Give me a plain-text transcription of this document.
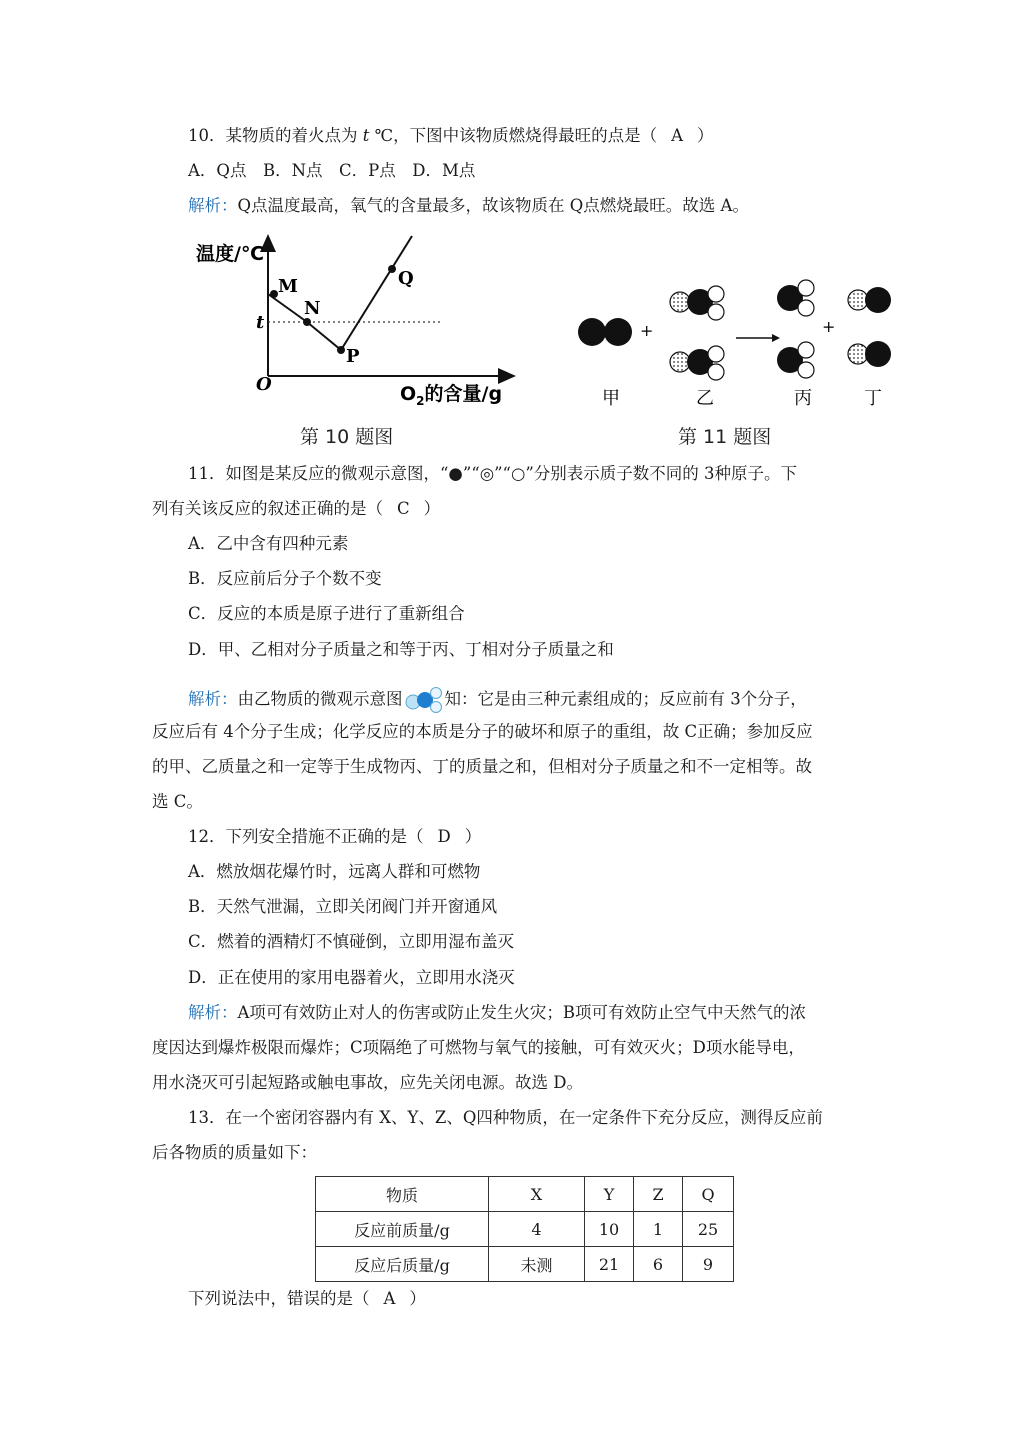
10．某物质的着火点为 t ℃，下图中该物质燃烧得最旺的点是（ A ）
A．Q点　B．N点　C．P点　D．M点
解析：Q点温度最高，氧气的含量最多，故该物质在 Q点燃烧最旺。故选 A。
温度/℃
M
N
P
Q
t
O	$O_2$的含量/g
第 10 题图
+	+
甲	乙	丙	丁
第 11 题图
11．如图是某反应的微观示意图，“●”“◎”“○”分别表示质子数不同的 3种原子。下
列有关该反应的叙述正确的是（ C ）
A．乙中含有四种元素
B．反应前后分子个数不变
C．反应的本质是原子进行了重新组合
D．甲、乙相对分子质量之和等于丙、丁相对分子质量之和
解析：由乙物质的微观示意图	知：它是由三种元素组成的；反应前有 3个分子，
反应后有 4个分子生成；化学反应的本质是分子的破坏和原子的重组，故 C正确；参加反应
的甲、乙质量之和一定等于生成物丙、丁的质量之和，但相对分子质量之和不一定相等。故
选 C。
12．下列安全措施不正确的是（ D ）
A．燃放烟花爆竹时，远离人群和可燃物
B．天然气泄漏，立即关闭阀门并开窗通风
C．燃着的酒精灯不慎碰倒，立即用湿布盖灭
D．正在使用的家用电器着火，立即用水浇灭
解析：A项可有效防止对人的伤害或防止发生火灾；B项可有效防止空气中天然气的浓
度因达到爆炸极限而爆炸；C项隔绝了可燃物与氧气的接触，可有效灭火；D项水能导电，
用水浇灭可引起短路或触电事故，应先关闭电源。故选 D。
13．在一个密闭容器内有 X、Y、Z、Q四种物质，在一定条件下充分反应，测得反应前
后各物质的质量如下：
物质	X	Y	Z	Q
反应前质量/g	4	10	1	25
反应后质量/g	未测	21	6	9
下列说法中，错误的是（ A ）
